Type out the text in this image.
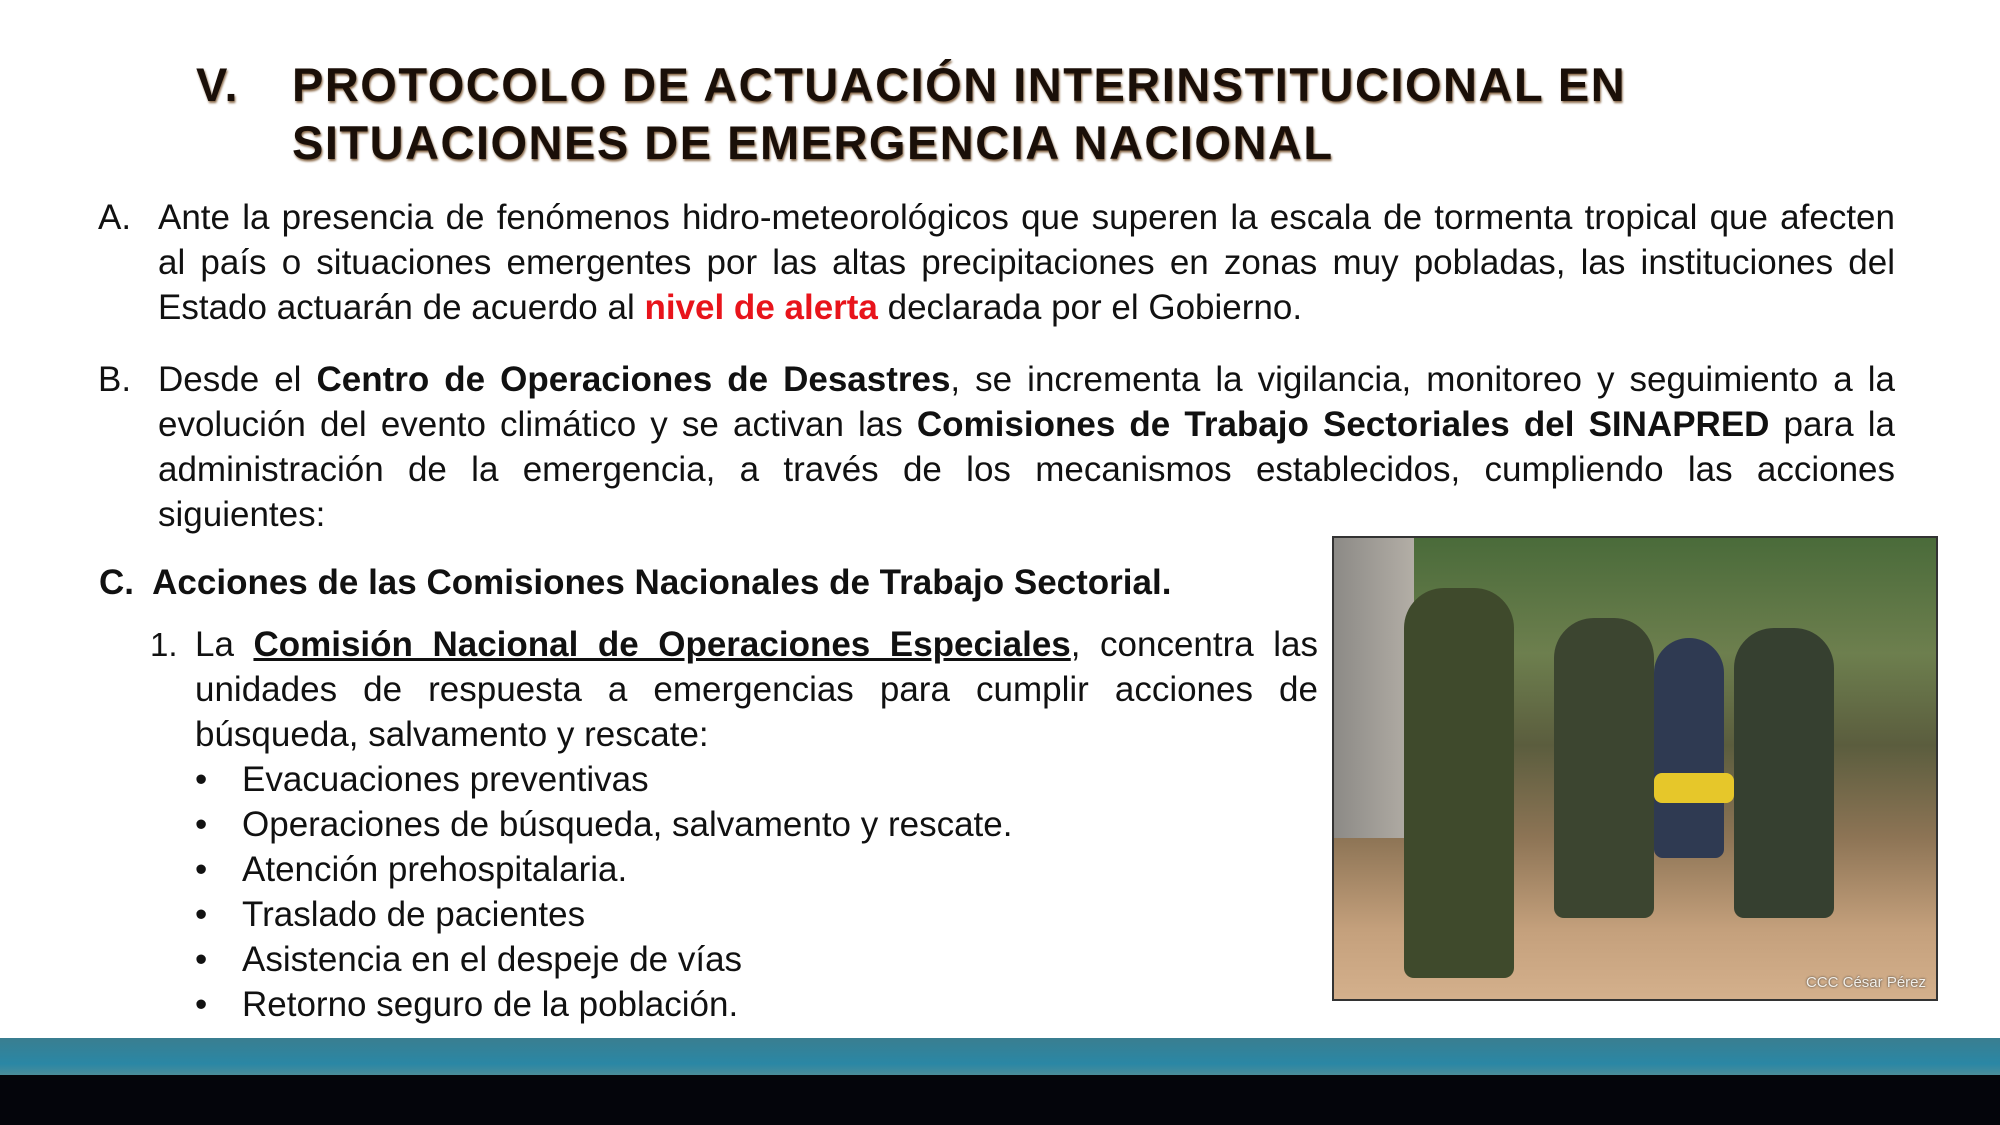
V. PROTOCOLO DE ACTUACIÓN INTERINSTITUCIONAL EN
SITUACIONES DE EMERGENCIA NACIONAL
A. Ante la presencia de fenómenos hidro-meteorológicos que superen la escala de tormenta tropical que afecten al país o situaciones emergentes por las altas precipitaciones en zonas muy pobladas, las instituciones del Estado actuarán de acuerdo al nivel de alerta declarada por el Gobierno.
B. Desde el Centro de Operaciones de Desastres, se incrementa la vigilancia, monitoreo y seguimiento a la evolución del evento climático y se activan las Comisiones de Trabajo Sectoriales del SINAPRED para la administración de la emergencia, a través de los mecanismos establecidos, cumpliendo las acciones siguientes:
C. Acciones de las Comisiones Nacionales de Trabajo Sectorial.
1. La Comisión Nacional de Operaciones Especiales, concentra las unidades de respuesta a emergencias para cumplir acciones de búsqueda, salvamento y rescate:
• Evacuaciones preventivas
• Operaciones de búsqueda, salvamento y rescate.
• Atención prehospitalaria.
• Traslado de pacientes
• Asistencia en el despeje de vías
• Retorno seguro de la población.
CCC César Pérez
